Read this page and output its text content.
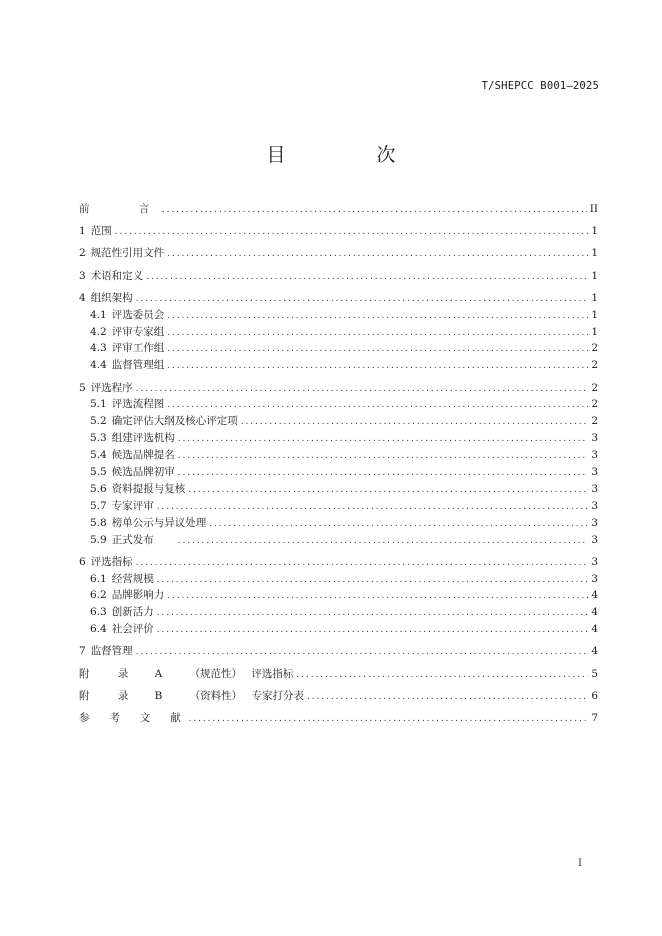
T/SHEPCC B001—2025
目　次
前　　言 .....	II
1 范围 .....	1
2 规范性引用文件 .....	1
3 术语和定义 .....	1
4 组织架构 .....	1
4.1 评选委员会 .....	1
4.2 评审专家组 .....	1
4.3 评审工作组 .....	2
4.4 监督管理组 .....	2
5 评选程序 .....	2
5.1 评选流程图 .....	2
5.2 确定评估大纲及核心评定项 .....	2
5.3 组建评选机构 .....	3
5.4 候选品牌提名 .....	3
5.5 候选品牌初审 .....	3
5.6 资料提报与复核 .....	3
5.7 专家评审 .....	3
5.8 榜单公示与异议处理 .....	3
5.9 正式发布 .....	3
6 评选指标 .....	3
6.1 经营规模 .....	3
6.2 品牌影响力 .....	4
6.3 创新活力 .....	4
6.4 社会评价 .....	4
7 监督管理 .....	4
附　录 A	（规范性） 评选指标 .....	5
附　录 B	（资料性） 专家打分表 .....	6
参　考　文　献 .....	7
I
